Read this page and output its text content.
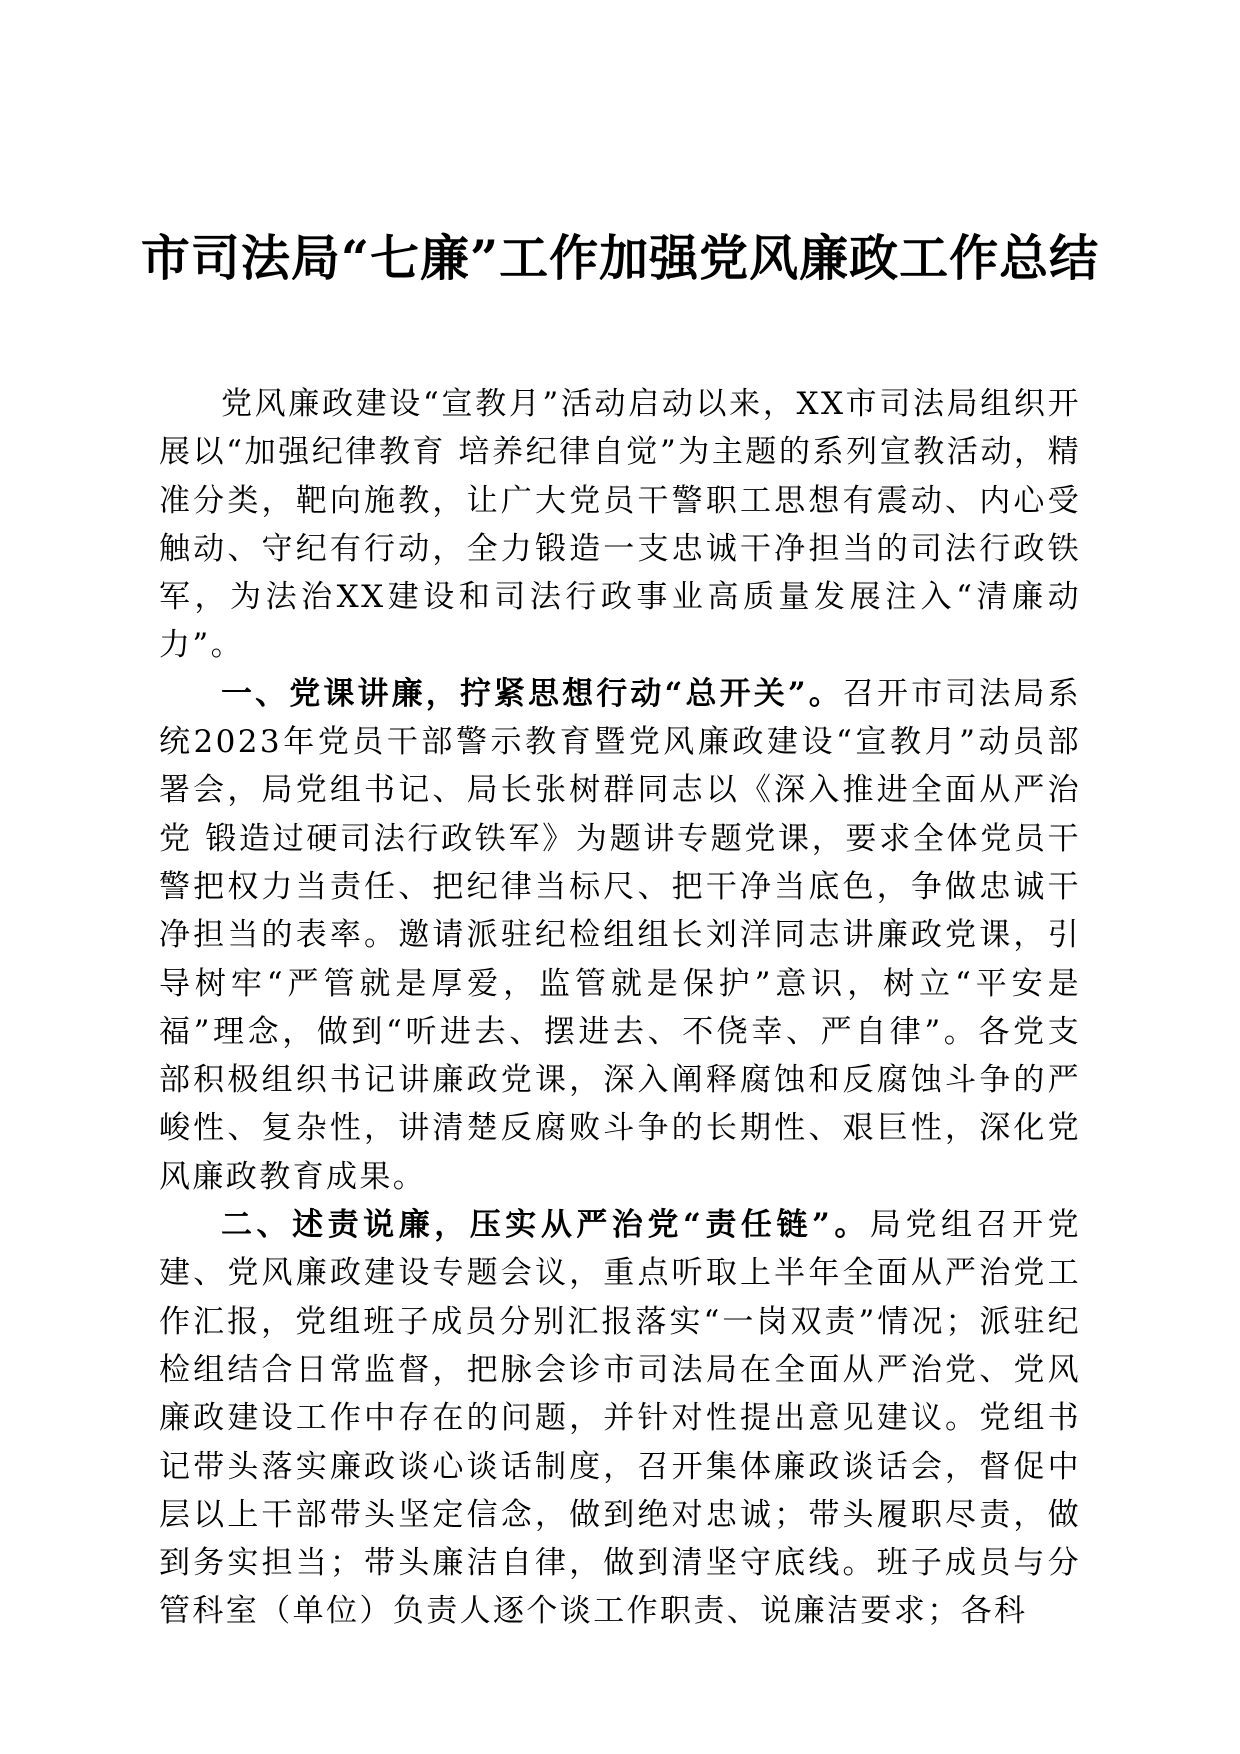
市司法局“七廉”工作加强党风廉政工作总结

党风廉政建设“宣教月”活动启动以来，XX市司法局组织开展以“加强纪律教育 培养纪律自觉”为主题的系列宣教活动，精准分类，靶向施教，让广大党员干警职工思想有震动、内心受触动、守纪有行动，全力锻造一支忠诚干净担当的司法行政铁军，为法治XX建设和司法行政事业高质量发展注入“清廉动力”。

一、党课讲廉，拧紧思想行动“总开关”。召开市司法局系统2023年党员干部警示教育暨党风廉政建设“宣教月”动员部署会，局党组书记、局长张树群同志以《深入推进全面从严治党 锻造过硬司法行政铁军》为题讲专题党课，要求全体党员干警把权力当责任、把纪律当标尺、把干净当底色，争做忠诚干净担当的表率。邀请派驻纪检组组长刘洋同志讲廉政党课，引导树牢“严管就是厚爱，监管就是保护”意识，树立“平安是福”理念，做到“听进去、摆进去、不侥幸、严自律”。各党支部积极组织书记讲廉政党课，深入阐释腐蚀和反腐蚀斗争的严峻性、复杂性，讲清楚反腐败斗争的长期性、艰巨性，深化党风廉政教育成果。

二、述责说廉，压实从严治党“责任链”。局党组召开党建、党风廉政建设专题会议，重点听取上半年全面从严治党工作汇报，党组班子成员分别汇报落实“一岗双责”情况；派驻纪检组结合日常监督，把脉会诊市司法局在全面从严治党、党风廉政建设工作中存在的问题，并针对性提出意见建议。党组书记带头落实廉政谈心谈话制度，召开集体廉政谈话会，督促中层以上干部带头坚定信念，做到绝对忠诚；带头履职尽责，做到务实担当；带头廉洁自律，做到清坚守底线。班子成员与分管科室（单位）负责人逐个谈工作职责、说廉洁要求；各科
